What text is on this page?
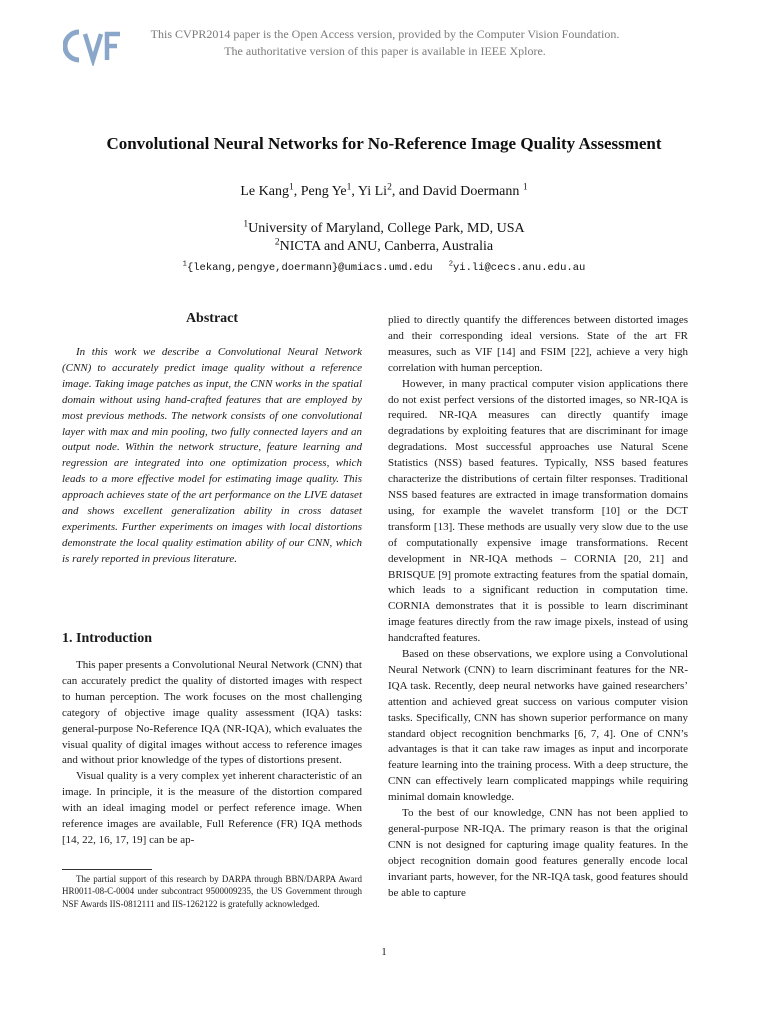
This CVPR2014 paper is the Open Access version, provided by the Computer Vision Foundation.
The authoritative version of this paper is available in IEEE Xplore.
Convolutional Neural Networks for No-Reference Image Quality Assessment
Le Kang$^1$, Peng Ye$^1$, Yi Li$^2$, and David Doermann $^1$
$^1$University of Maryland, College Park, MD, USA
$^2$NICTA and ANU, Canberra, Australia
$^1${lekang,pengye,doermann}@umiacs.umd.edu $^2$yi.li@cecs.anu.edu.au
Abstract

In this work we describe a Convolutional Neural Network (CNN) to accurately predict image quality without a reference image. Taking image patches as input, the CNN works in the spatial domain without using hand-crafted features that are employed by most previous methods. The network consists of one convolutional layer with max and min pooling, two fully connected layers and an output node. Within the network structure, feature learning and regression are integrated into one optimization process, which leads to a more effective model for estimating image quality. This approach achieves state of the art performance on the LIVE dataset and shows excellent generalization ability in cross dataset experiments. Further experiments on images with local distortions demonstrate the local quality estimation ability of our CNN, which is rarely reported in previous literature.

1. Introduction

This paper presents a Convolutional Neural Network (CNN) that can accurately predict the quality of distorted images with respect to human perception. The work focuses on the most challenging category of objective image quality assessment (IQA) tasks: general-purpose No-Reference IQA (NR-IQA), which evaluates the visual quality of digital images without access to reference images and without prior knowledge of the types of distortions present.

Visual quality is a very complex yet inherent characteristic of an image. In principle, it is the measure of the distortion compared with an ideal imaging model or perfect reference image. When reference images are available, Full Reference (FR) IQA methods [14, 22, 16, 17, 19] can be ap-

The partial support of this research by DARPA through BBN/DARPA Award HR0011-08-C-0004 under subcontract 9500009235, the US Government through NSF Awards IIS-0812111 and IIS-1262122 is gratefully acknowledged.

plied to directly quantify the differences between distorted images and their corresponding ideal versions. State of the art FR measures, such as VIF [14] and FSIM [22], achieve a very high correlation with human perception.

However, in many practical computer vision applications there do not exist perfect versions of the distorted images, so NR-IQA is required. NR-IQA measures can directly quantify image degradations by exploiting features that are discriminant for image degradations. Most successful approaches use Natural Scene Statistics (NSS) based features. Typically, NSS based features characterize the distributions of certain filter responses. Traditional NSS based features are extracted in image transformation domains using, for example the wavelet transform [10] or the DCT transform [13]. These methods are usually very slow due to the use of computationally expensive image transformations. Recent development in NR-IQA methods – CORNIA [20, 21] and BRISQUE [9] promote extracting features from the spatial domain, which leads to a significant reduction in computation time. CORNIA demonstrates that it is possible to learn discriminant image features directly from the raw image pixels, instead of using handcrafted features.

Based on these observations, we explore using a Convolutional Neural Network (CNN) to learn discriminant features for the NR-IQA task. Recently, deep neural networks have gained researchers’ attention and achieved great success on various computer vision tasks. Specifically, CNN has shown superior performance on many standard object recognition benchmarks [6, 7, 4]. One of CNN’s advantages is that it can take raw images as input and incorporate feature learning into the training process. With a deep structure, the CNN can effectively learn complicated mappings while requiring minimal domain knowledge.

To the best of our knowledge, CNN has not been applied to general-purpose NR-IQA. The primary reason is that the original CNN is not designed for capturing image quality features. In the object recognition domain good features generally encode local invariant parts, however, for the NR-IQA task, good features should be able to capture

1
